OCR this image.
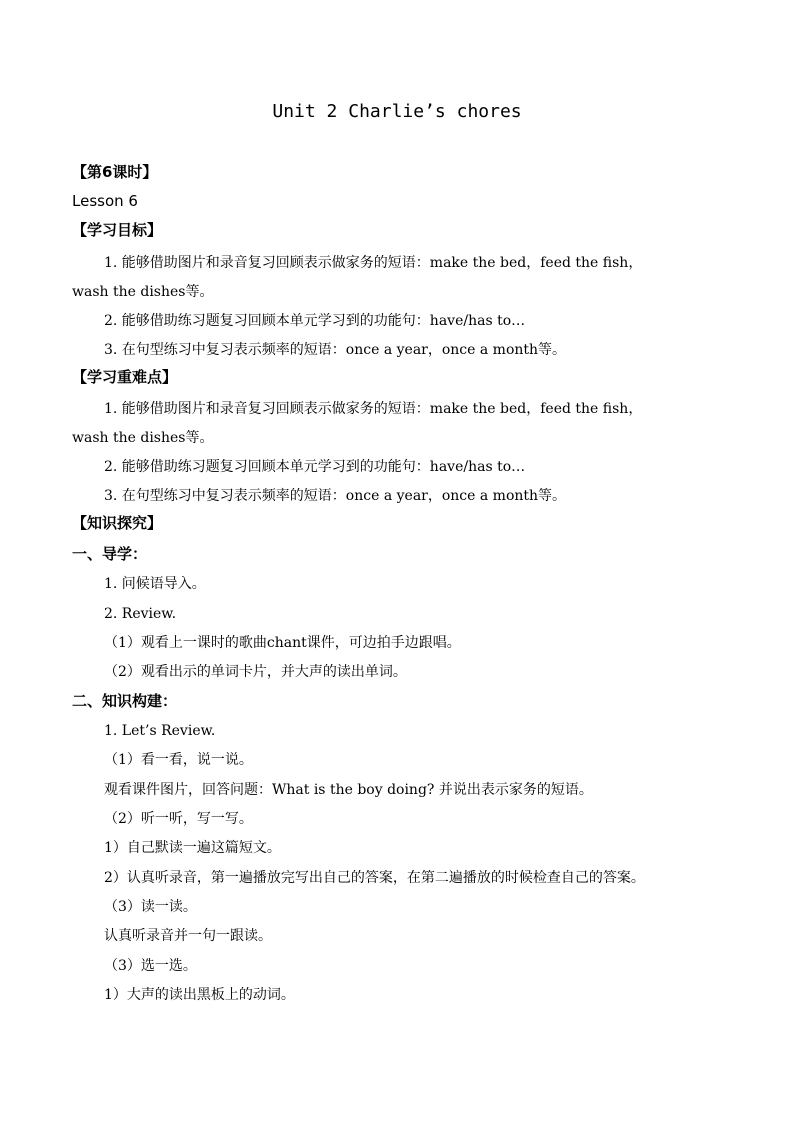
Unit 2 Charlie’s chores
【第6课时】
Lesson 6
【学习目标】
1. 能够借助图片和录音复习回顾表示做家务的短语：make the bed，feed the fish，
wash the dishes等。
2. 能够借助练习题复习回顾本单元学习到的功能句：have/has to…
3. 在句型练习中复习表示频率的短语：once a year，once a month等。
【学习重难点】
1. 能够借助图片和录音复习回顾表示做家务的短语：make the bed，feed the fish，
wash the dishes等。
2. 能够借助练习题复习回顾本单元学习到的功能句：have/has to…
3. 在句型练习中复习表示频率的短语：once a year，once a month等。
【知识探究】
一、导学：
1. 问候语导入。
2. Review.
（1）观看上一课时的歌曲chant课件，可边拍手边跟唱。
（2）观看出示的单词卡片，并大声的读出单词。
二、知识构建：
1. Let’s Review.
（1）看一看，说一说。
观看课件图片，回答问题：What is the boy doing? 并说出表示家务的短语。
（2）听一听，写一写。
1）自己默读一遍这篇短文。
2）认真听录音，第一遍播放完写出自己的答案，在第二遍播放的时候检查自己的答案。
（3）读一读。
认真听录音并一句一跟读。
（3）选一选。
1）大声的读出黑板上的动词。
